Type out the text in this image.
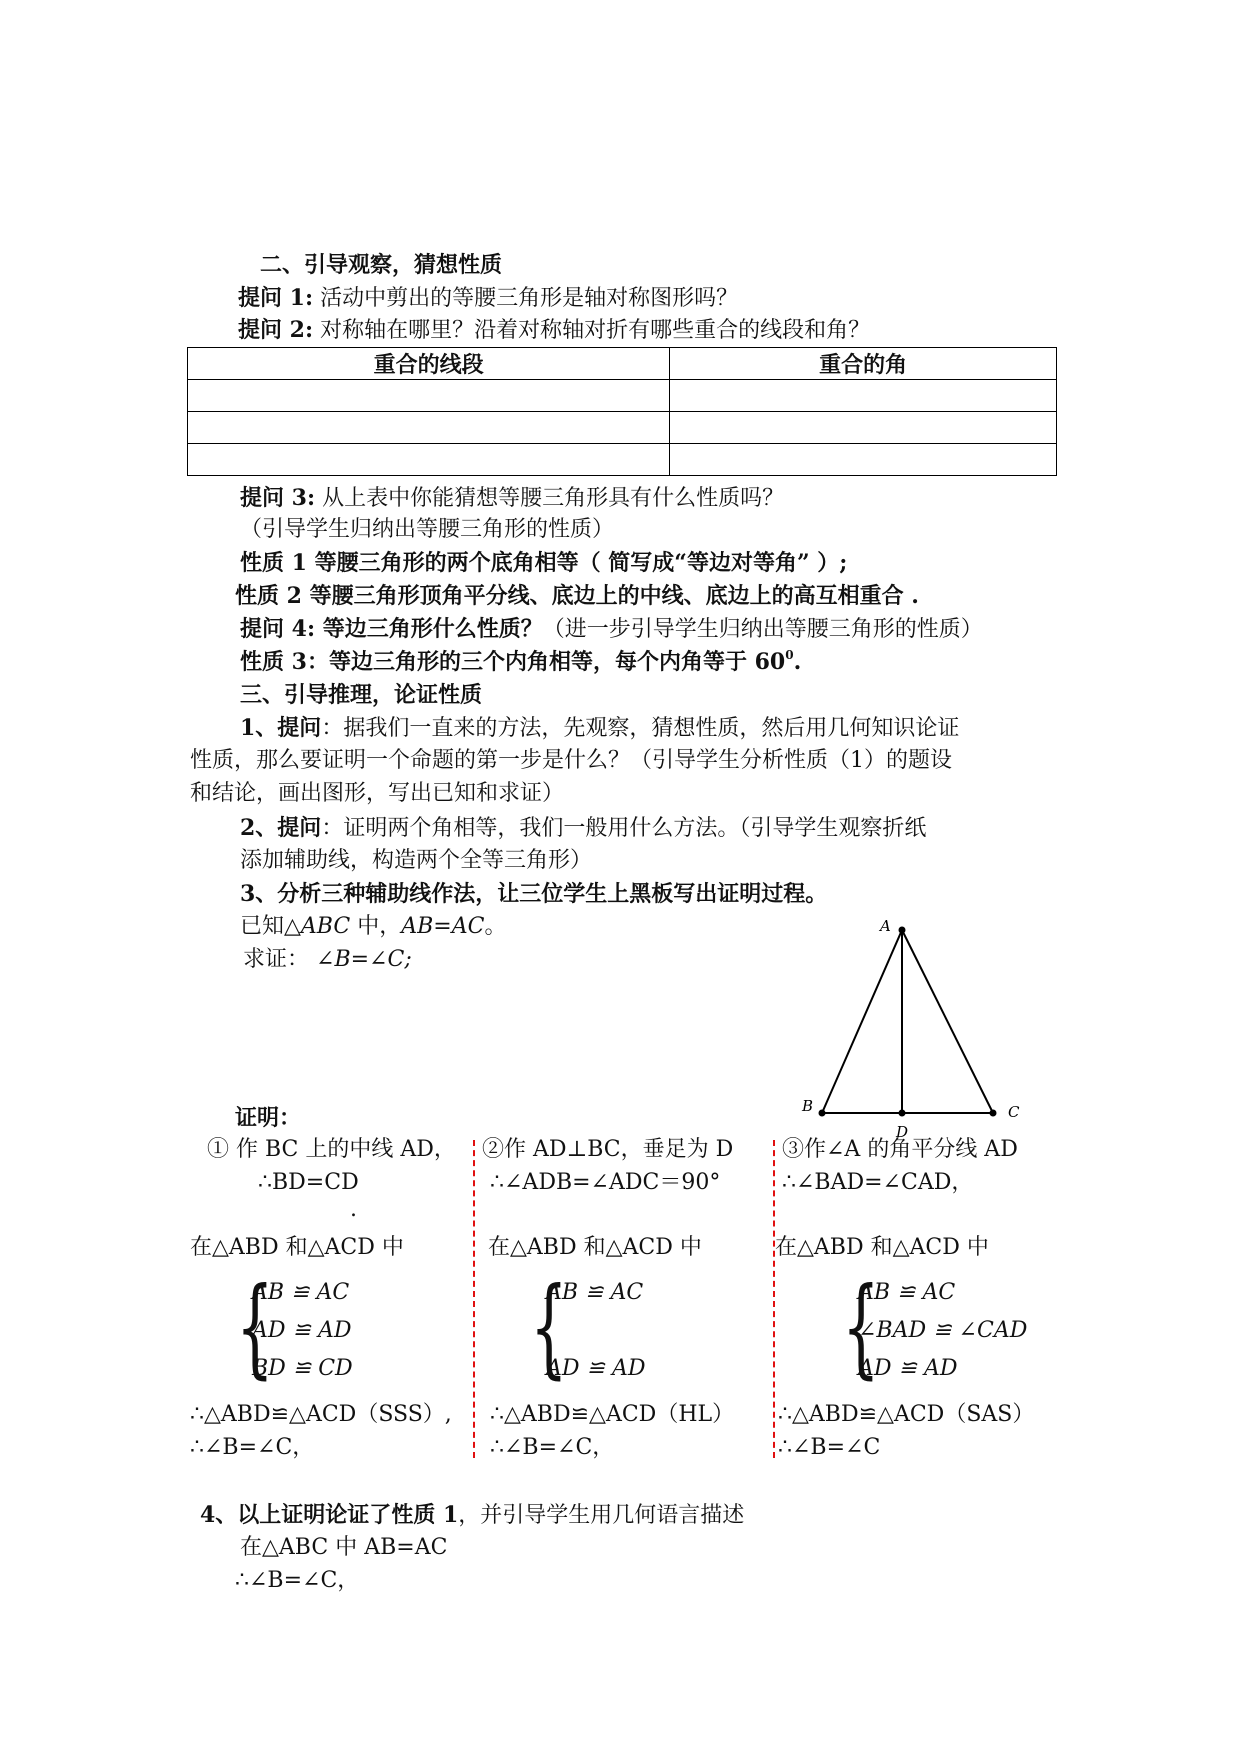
二、引导观察，猜想性质
提问 1: 活动中剪出的等腰三角形是轴对称图形吗？
提问 2: 对称轴在哪里？沿着对称轴对折有哪些重合的线段和角？
重合的线段	重合的角

提问 3: 从上表中你能猜想等腰三角形具有什么性质吗？
（引导学生归纳出等腰三角形的性质）
性质 1 等腰三角形的两个底角相等（ 简写成“等边对等角” ）;
性质 2 等腰三角形顶角平分线、底边上的中线、底边上的高互相重合 .
提问 4: 等边三角形什么性质？（进一步引导学生归纳出等腰三角形的性质）
性质 3：等边三角形的三个内角相等，每个内角等于 $60^0$.
三、引导推理，论证性质
1、提问：据我们一直来的方法，先观察，猜想性质，然后用几何知识论证
性质，那么要证明一个命题的第一步是什么？（引导学生分析性质（1）的题设
和结论，画出图形，写出已知和求证）
2、提问：证明两个角相等，我们一般用什么方法。（引导学生观察折纸
添加辅助线，构造两个全等三角形）
3、分析三种辅助线作法，让三位学生上黑板写出证明过程。
已知△ABC 中，AB=AC。
求证： ∠B=∠C;
A
B	C
D
证明：
① 作 BC 上的中线 AD，
∴BD=CD
.
在△ABD 和△ACD 中
{
AB ≌ AC
AD ≌ AD
BD ≌ CD
∴△ABD≌△ACD（SSS）,
∴∠B=∠C，
②作 AD⊥BC，垂足为 D
∴∠ADB=∠ADC＝90°
在△ABD 和△ACD 中
{
AB ≌ AC
AD ≌ AD
∴△ABD≌△ACD（HL）
∴∠B=∠C，
③作∠A 的角平分线 AD
∴∠BAD=∠CAD，
在△ABD 和△ACD 中
{
AB ≌ AC
∠BAD ≌ ∠CAD
AD ≌ AD
∴△ABD≌△ACD（SAS）
∴∠B=∠C
4、以上证明论证了性质 1，并引导学生用几何语言描述
在△ABC 中 AB=AC
∴∠B=∠C，
